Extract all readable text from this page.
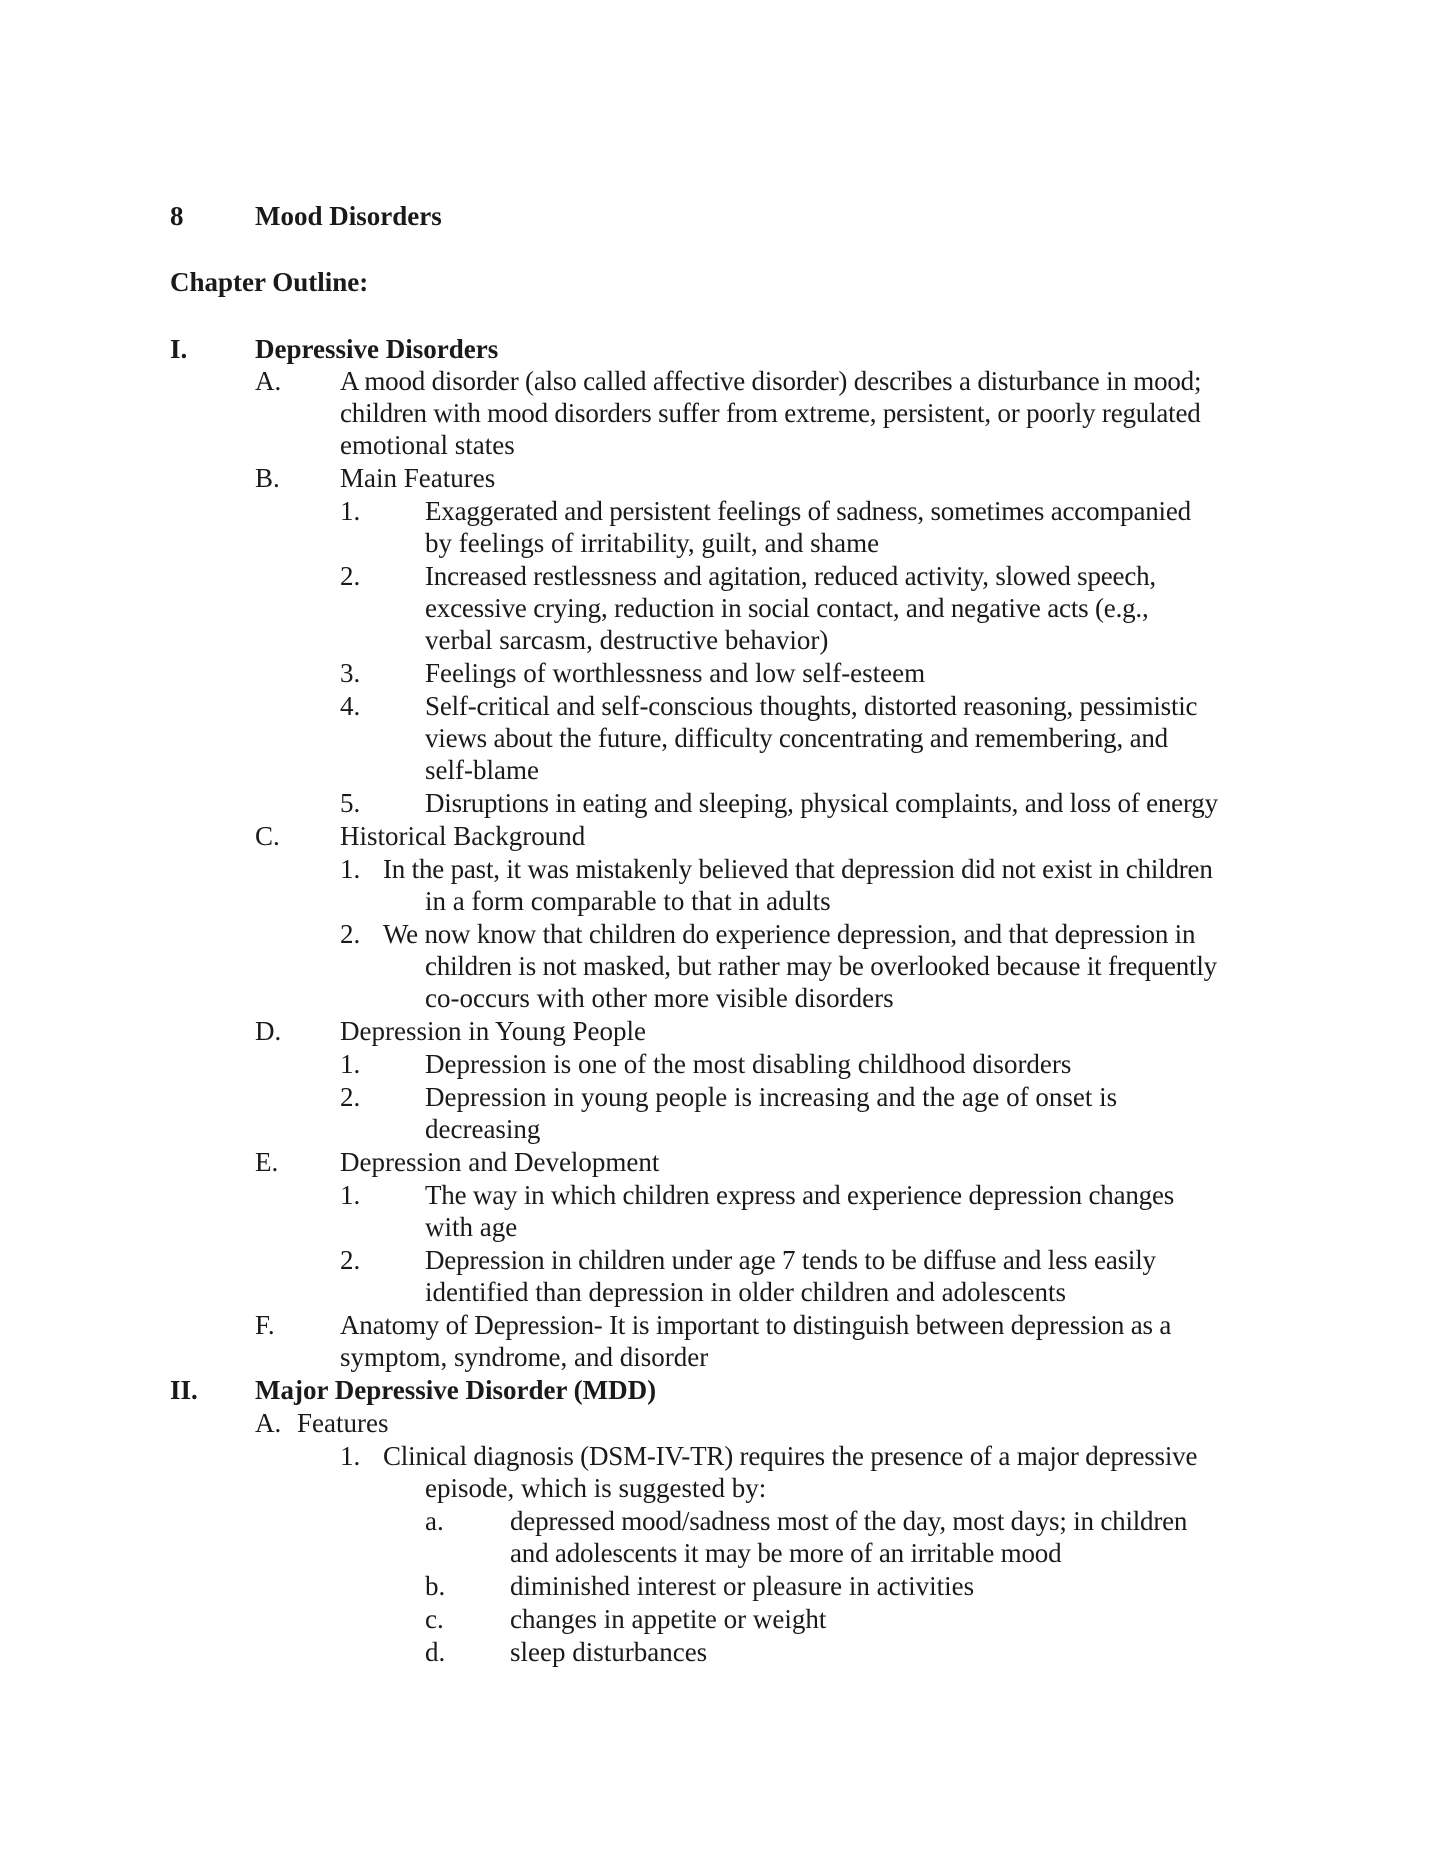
8	Mood Disorders
Chapter Outline:
I.	Depressive Disorders
A. A mood disorder (also called affective disorder) describes a disturbance in mood;
children with mood disorders suffer from extreme, persistent, or poorly regulated
emotional states
B. Main Features
1. Exaggerated and persistent feelings of sadness, sometimes accompanied
by feelings of irritability, guilt, and shame
2. Increased restlessness and agitation, reduced activity, slowed speech,
excessive crying, reduction in social contact, and negative acts (e.g.,
verbal sarcasm, destructive behavior)
3. Feelings of worthlessness and low self-esteem
4. Self-critical and self-conscious thoughts, distorted reasoning, pessimistic
views about the future, difficulty concentrating and remembering, and
self-blame
5. Disruptions in eating and sleeping, physical complaints, and loss of energy
C. Historical Background
1. In the past, it was mistakenly believed that depression did not exist in children
in a form comparable to that in adults
2. We now know that children do experience depression, and that depression in
children is not masked, but rather may be overlooked because it frequently
co-occurs with other more visible disorders
D. Depression in Young People
1. Depression is one of the most disabling childhood disorders
2. Depression in young people is increasing and the age of onset is
decreasing
E. Depression and Development
1. The way in which children express and experience depression changes
with age
2. Depression in children under age 7 tends to be diffuse and less easily
identified than depression in older children and adolescents
F. Anatomy of Depression- It is important to distinguish between depression as a
symptom, syndrome, and disorder
II. Major Depressive Disorder (MDD)
A. Features
1. Clinical diagnosis (DSM-IV-TR) requires the presence of a major depressive
episode, which is suggested by:
a. depressed mood/sadness most of the day, most days; in children
and adolescents it may be more of an irritable mood
b. diminished interest or pleasure in activities
c. changes in appetite or weight
d. sleep disturbances
